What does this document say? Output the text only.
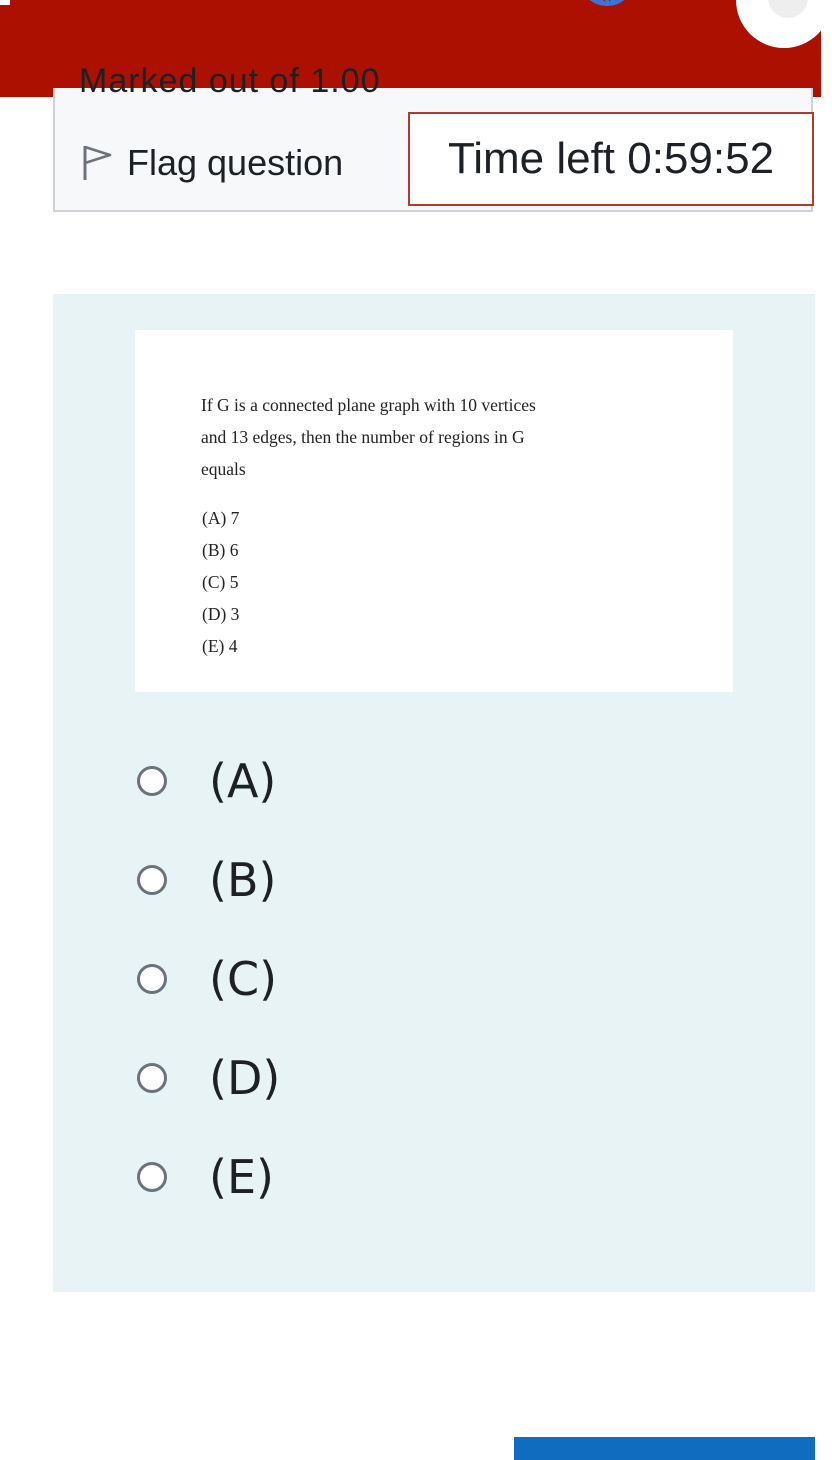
Marked out of 1.00
Flag question	Time left 0:59:52

If G is a connected plane graph with 10 vertices

and 13 edges, then the number of regions in G

equals

(A) 7
(B) 6
(C) 5
(D) 3
(E) 4
(A)
(B)
(C)
(D)
(E)
